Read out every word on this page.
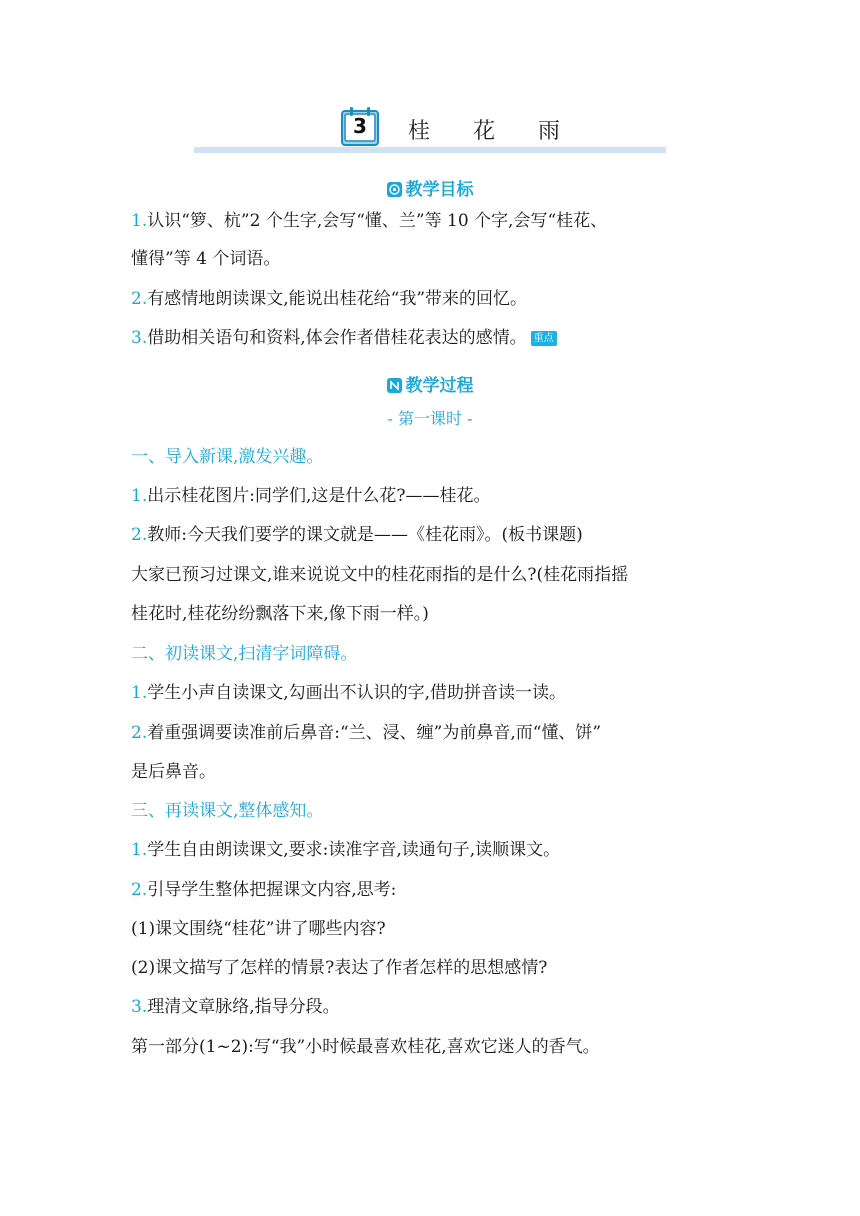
3	桂 花 雨
教学目标
1.认识“箩、杭”2 个生字,会写“懂、兰”等 10 个字,会写“桂花、
懂得”等 4 个词语。
2.有感情地朗读课文,能说出桂花给“我”带来的回忆。
3.借助相关语句和资料,体会作者借桂花表达的感情。 重点
教学过程
- 第一课时 -
一、导入新课,激发兴趣。
1.出示桂花图片:同学们,这是什么花?——桂花。
2.教师:今天我们要学的课文就是——《桂花雨》。(板书课题)
大家已预习过课文,谁来说说文中的桂花雨指的是什么?(桂花雨指摇
桂花时,桂花纷纷飘落下来,像下雨一样。)
二、初读课文,扫清字词障碍。
1.学生小声自读课文,勾画出不认识的字,借助拼音读一读。
2.着重强调要读准前后鼻音:“兰、浸、缠”为前鼻音,而“懂、饼”
是后鼻音。
三、再读课文,整体感知。
1.学生自由朗读课文,要求:读准字音,读通句子,读顺课文。
2.引导学生整体把握课文内容,思考:
(1)课文围绕“桂花”讲了哪些内容?
(2)课文描写了怎样的情景?表达了作者怎样的思想感情?
3.理清文章脉络,指导分段。
第一部分(1~2):写“我”小时候最喜欢桂花,喜欢它迷人的香气。
